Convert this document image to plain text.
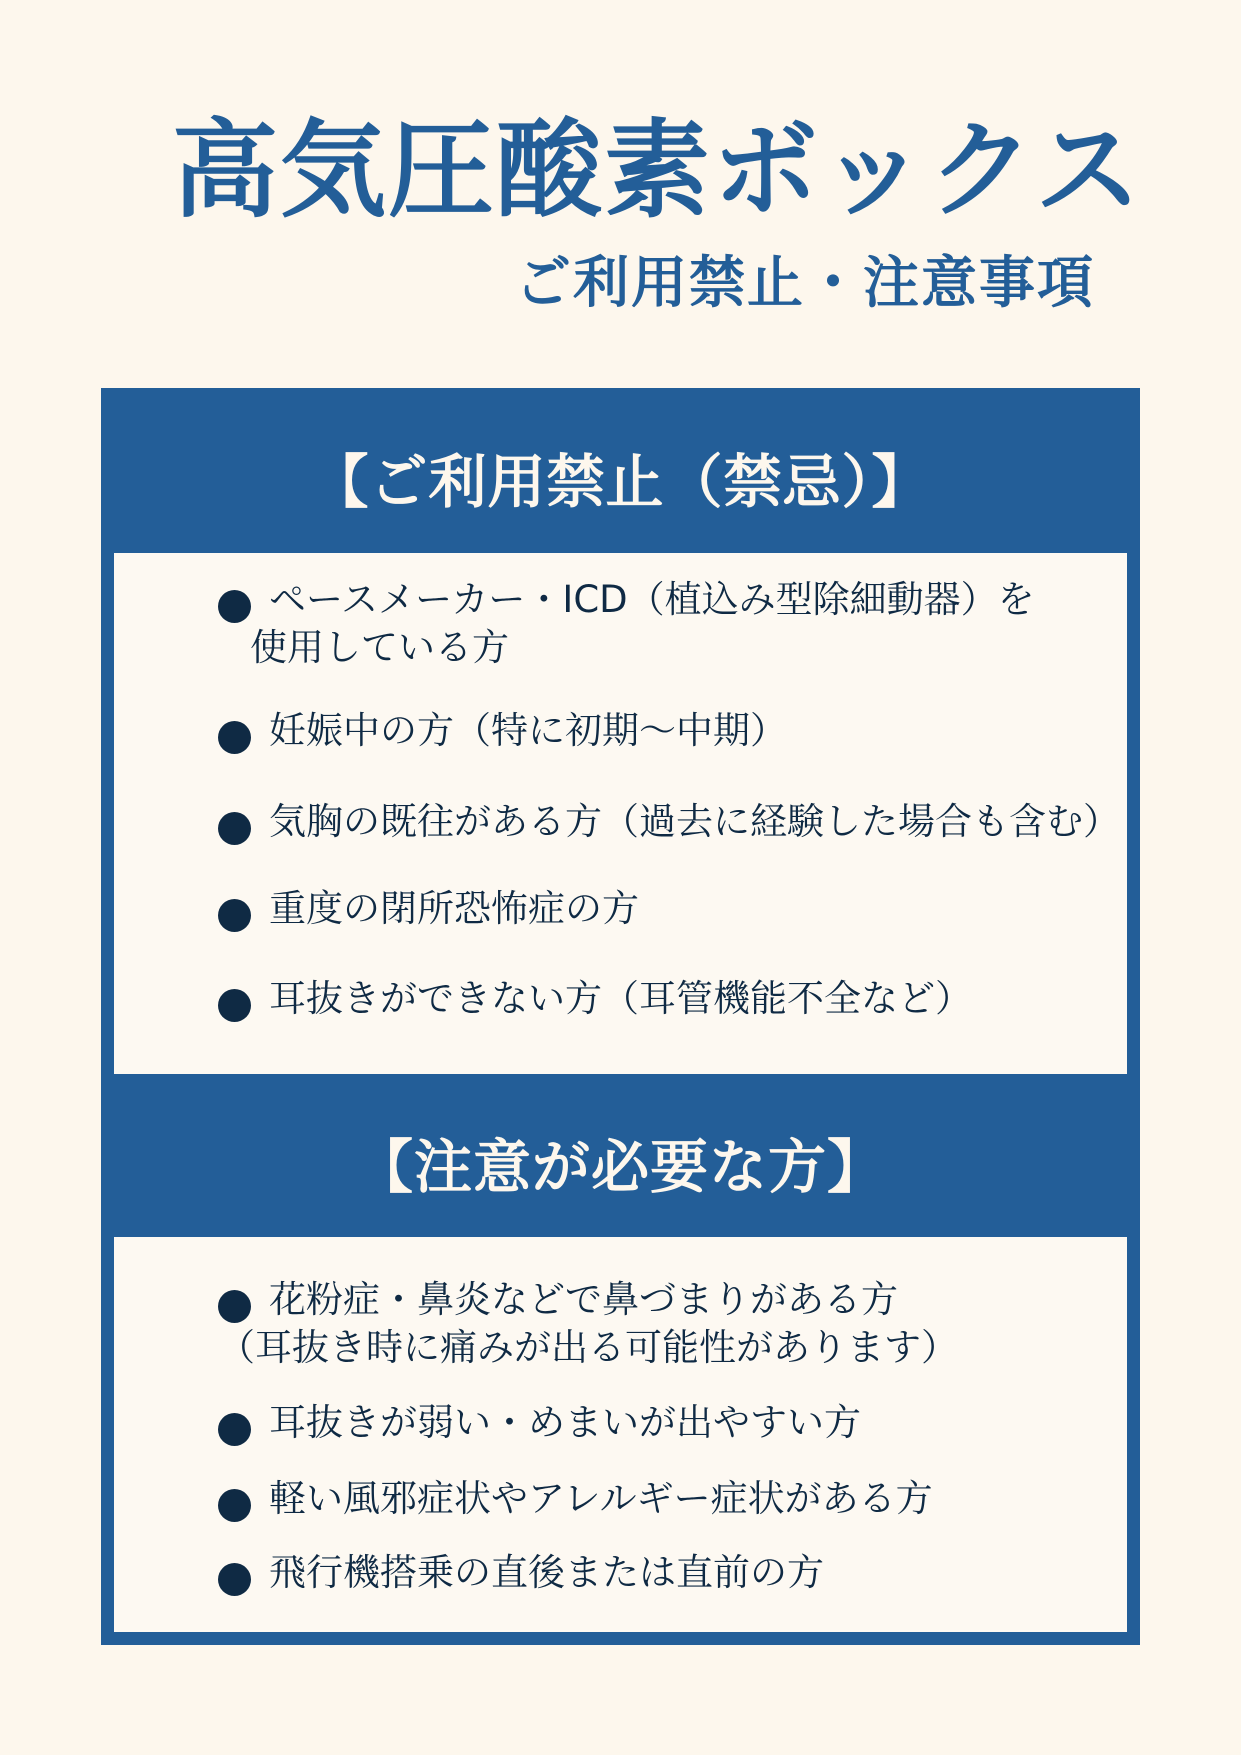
高気圧酸素ボックス
ご利用禁止・注意事項
【ご利用禁止（禁忌）】
ペースメーカー・ICD（植込み型除細動器）を
使用している方
妊娠中の方（特に初期〜中期）
気胸の既往がある方（過去に経験した場合も含む）
重度の閉所恐怖症の方
耳抜きができない方（耳管機能不全など）
【注意が必要な方】
花粉症・鼻炎などで鼻づまりがある方
（耳抜き時に痛みが出る可能性があります）
耳抜きが弱い・めまいが出やすい方
軽い風邪症状やアレルギー症状がある方
飛行機搭乗の直後または直前の方
